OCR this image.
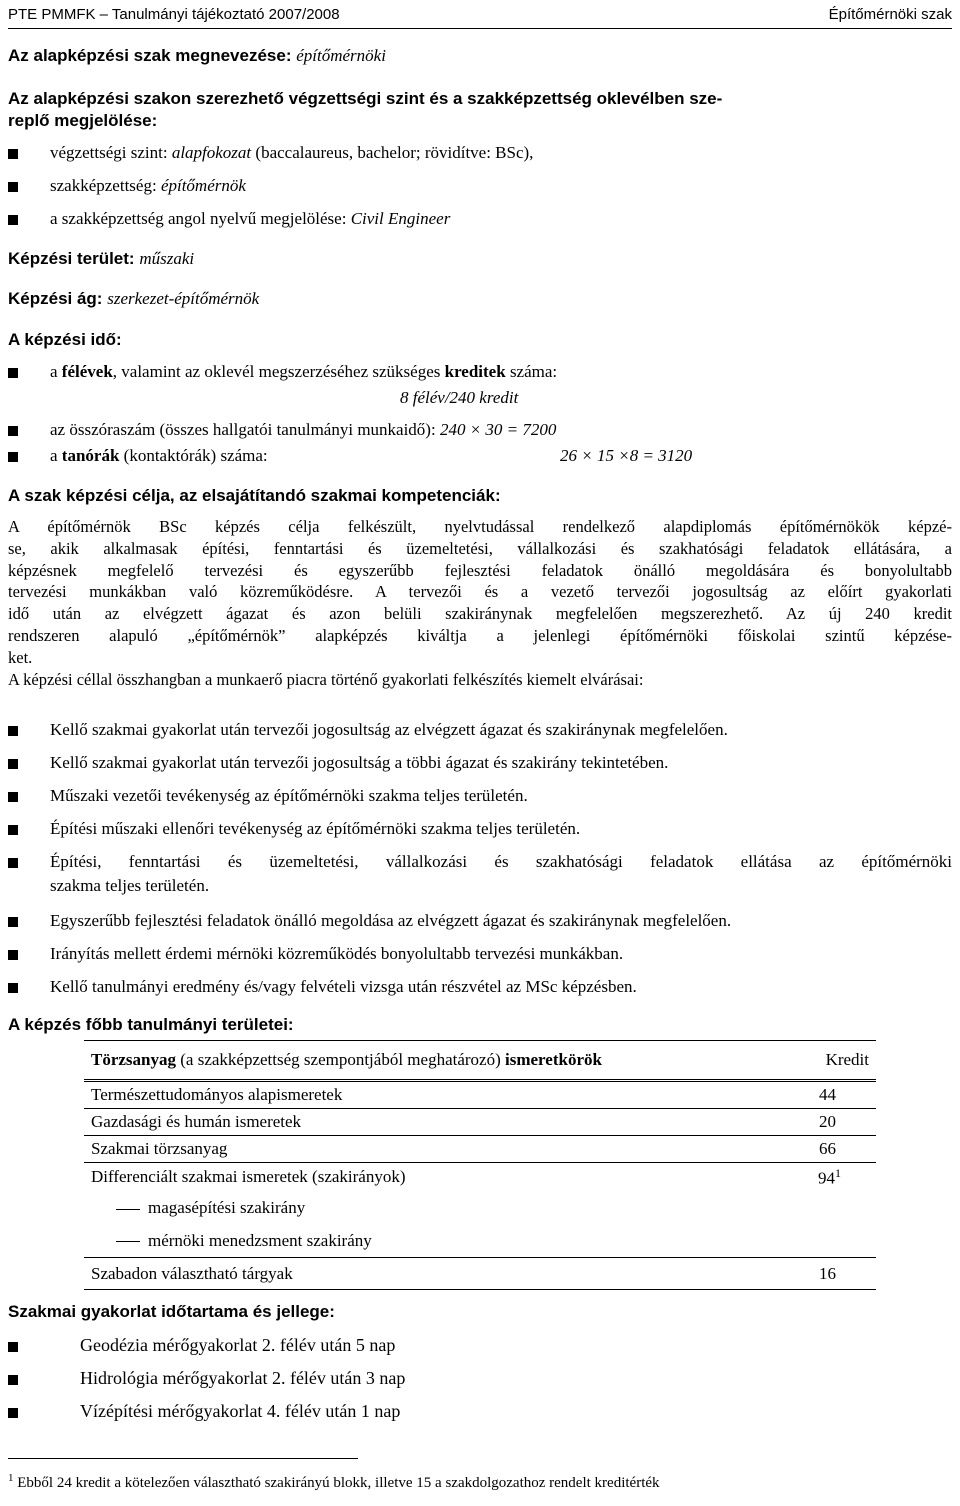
PTE PMMFK – Tanulmányi tájékoztató 2007/2008	Építőmérnöki szak
Az alapképzési szak megnevezése: építőmérnöki
Az alapképzési szakon szerezhető végzettségi szint és a szakképzettség oklevélben sze-
replő megjelölése:
végzettségi szint: alapfokozat (baccalaureus, bachelor; rövidítve: BSc),
szakképzettség: építőmérnök
a szakképzettség angol nyelvű megjelölése: Civil Engineer
Képzési terület: műszaki
Képzési ág: szerkezet-építőmérnök
A képzési idő:
a félévek, valamint az oklevél megszerzéséhez szükséges kreditek száma:
8 félév/240 kredit
az összóraszám (összes hallgatói tanulmányi munkaidő): 240 × 30 = 7200
a tanórák (kontaktórák) száma:	26 × 15 ×8 = 3120
A szak képzési célja, az elsajátítandó szakmai kompetenciák:
A építőmérnök BSc képzés célja felkészült, nyelvtudással rendelkező alapdiplomás építőmérnökök képzé-
se, akik alkalmasak építési, fenntartási és üzemeltetési, vállalkozási és szakhatósági feladatok ellátására, a
képzésnek megfelelő tervezési és egyszerűbb fejlesztési feladatok önálló megoldására és bonyolultabb
tervezési munkákban való közreműködésre. A tervezői és a vezető tervezői jogosultság az előírt gyakorlati
idő után az elvégzett ágazat és azon belüli szakiránynak megfelelően megszerezhető. Az új 240 kredit
rendszeren alapuló „építőmérnök” alapképzés kiváltja a jelenlegi építőmérnöki főiskolai szintű képzése-
ket.
A képzési céllal összhangban a munkaerő piacra történő gyakorlati felkészítés kiemelt elvárásai:
Kellő szakmai gyakorlat után tervezői jogosultság az elvégzett ágazat és szakiránynak megfelelően.
Kellő szakmai gyakorlat után tervezői jogosultság a többi ágazat és szakirány tekintetében.
Műszaki vezetői tevékenység az építőmérnöki szakma teljes területén.
Építési műszaki ellenőri tevékenység az építőmérnöki szakma teljes területén.
Építési, fenntartási és üzemeltetési, vállalkozási és szakhatósági feladatok ellátása az építőmérnöki
szakma teljes területén.
Egyszerűbb fejlesztési feladatok önálló megoldása az elvégzett ágazat és szakiránynak megfelelően.
Irányítás mellett érdemi mérnöki közreműködés bonyolultabb tervezési munkákban.
Kellő tanulmányi eredmény és/vagy felvételi vizsga után részvétel az MSc képzésben.
A képzés főbb tanulmányi területei:
Törzsanyag (a szakképzettség szempontjából meghatározó) ismeretkörök	Kredit
Természettudományos alapismeretek	44
Gazdasági és humán ismeretek	20
Szakmai törzsanyag	66
Differenciált szakmai ismeretek (szakirányok)	$94^1$
magasépítési szakirány	
mérnöki menedzsment szakirány	
Szabadon választható tárgyak	16
Szakmai gyakorlat időtartama és jellege:
Geodézia mérőgyakorlat 2. félév után 5 nap
Hidrológia mérőgyakorlat 2. félév után 3 nap
Vízépítési mérőgyakorlat 4. félév után 1 nap
$^1$ Ebből 24 kredit a kötelezően választható szakirányú blokk, illetve 15 a szakdolgozathoz rendelt kreditérték
